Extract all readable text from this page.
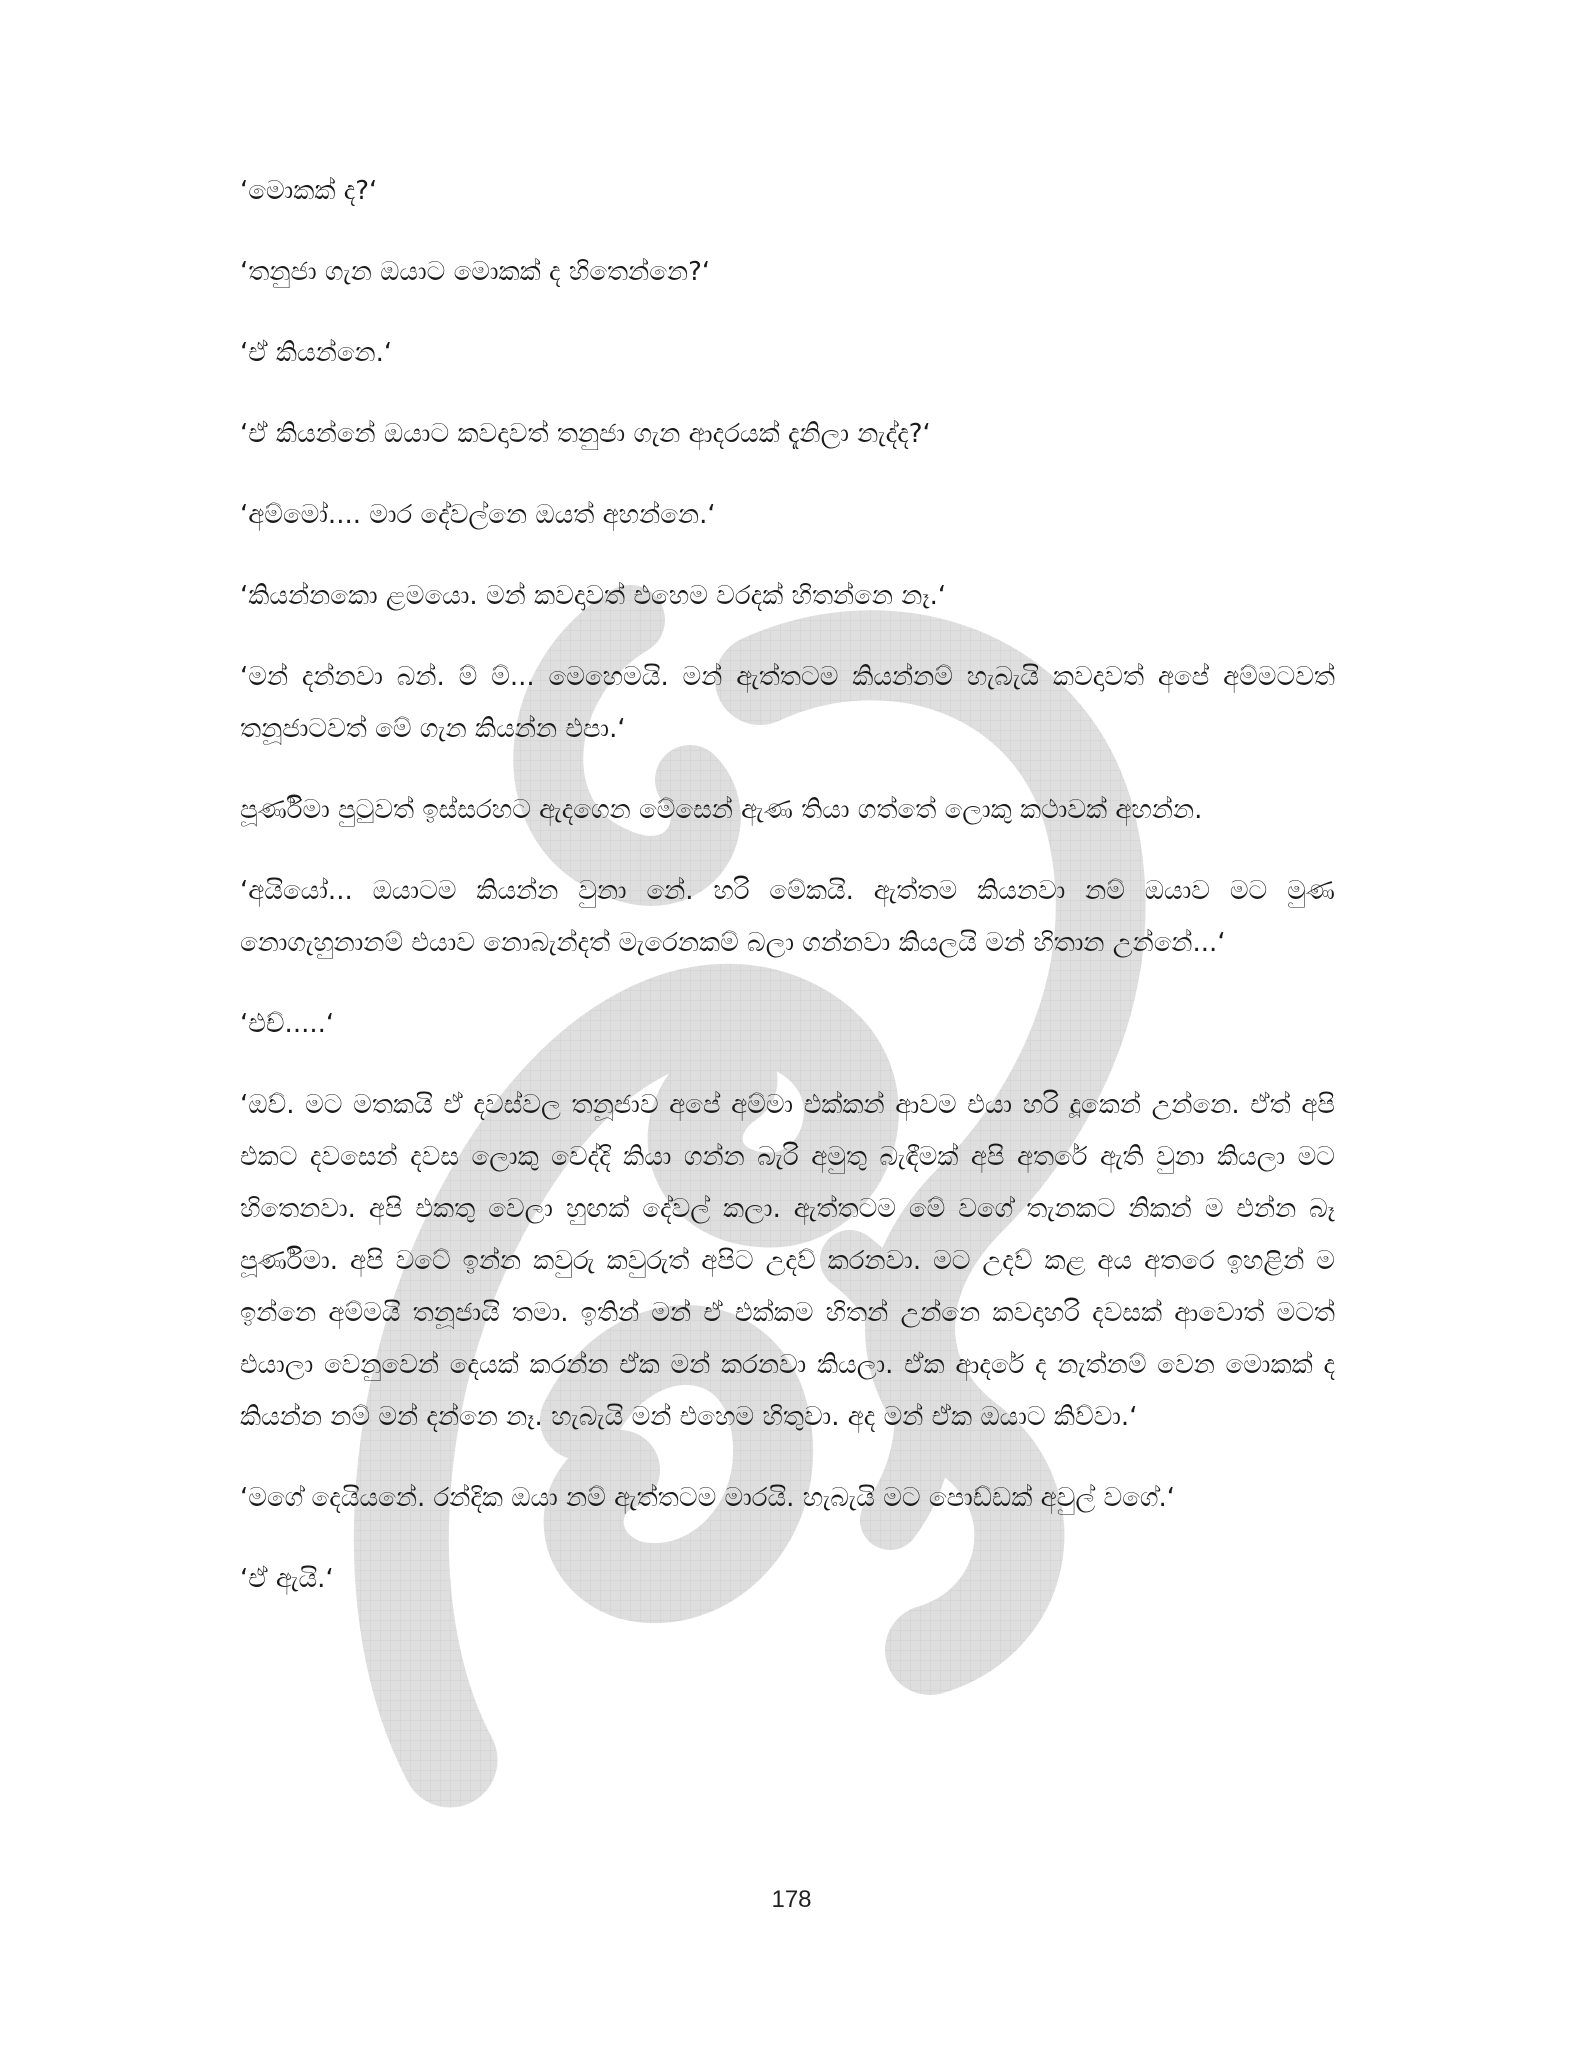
‘මොකක් ද?‘

‘තනුජා ගැන ඔයාට මොකක් ද හිතෙන්නෙ?‘

‘ඒ කියන්නෙ.‘

‘ඒ කියන්නේ ඔයාට කවදාවත් තනුජා ගැන ආදරයක් දැනිලා නැද්ද?‘

‘අම්මෝ.... මාර දේවල්නෙ ඔයත් අහන්නෙ.‘

‘කියන්නකො ළමයො. මන් කවදාවත් එහෙම වරදක් හිතන්නෙ නෑ.‘

‘මන් දන්නවා බන්. ම් ම්... මෙහෙමයි. මන් ඇත්තටම කියන්නම් හැබැයි කවදාවත් අපේ අම්මටවත් තනූජාටවත් මේ ගැන කියන්න එපා.‘

පූර්ණිමා පුටුවත් ඉස්සරහට ඇදගෙන මේසෙන් ඇණ තියා ගත්තේ ලොකු කථාවක් අහන්න.

‘අයියෝ... ඔයාටම කියන්න වුනා නේ. හරි මේකයි. ඇත්තම කියනවා නම් ඔයාව මට මුණ නොගැහුනානම් එයාව නොබැන්දත් මැරෙනකම් බලා ගන්නවා කියලයි මන් හිතාන උන්නේ...‘

‘එච්.....‘

‘ඔව්. මට මතකයි ඒ දවස්වල තනූජාව අපේ අම්මා එක්කන් ආවම එයා හරි දූකෙන් උන්නෙ. ඒත් අපි එකට දවසෙන් දවස ලොකු වෙද්දි කියා ගන්න බැරි අමුතු බැඳීමක් අපි අතරේ ඇති වුනා කියලා මට හිතෙනවා. අපි එකතු වෙලා හුඟක් දේවල් කලා. ඇත්තටම මේ වගේ තැනකට නිකන් ම එන්න බෑ පූර්ණිමා. අපි වටේ ඉන්න කවුරු කවුරුත් අපිට උදව් කරනවා. මට උදව් කළ අය අතරෙ ඉහළින් ම ඉන්නෙ අම්මයි තනූජායි තමා. ඉතින් මන් ඒ එක්කම හිතන් උන්නෙ කවදාහරි දවසක් ආවොත් මටත් එයාලා වෙනුවෙන් දෙයක් කරන්න ඒක මන් කරනවා කියලා. ඒක ආදරේ ද නැත්නම් වෙන මොකක් ද කියන්න නම් මන් දන්නෙ නෑ. හැබැයි මන් එහෙම හිතුවා. අද මන් ඒක ඔයාට කිව්වා.‘

‘මගේ දෙයියනේ. රන්දික ඔයා නම් ඇත්තටම මාරයි. හැබැයි මට පොඩ්ඩක් අවුල් වගේ.‘

‘ඒ ඇයි.‘

178
